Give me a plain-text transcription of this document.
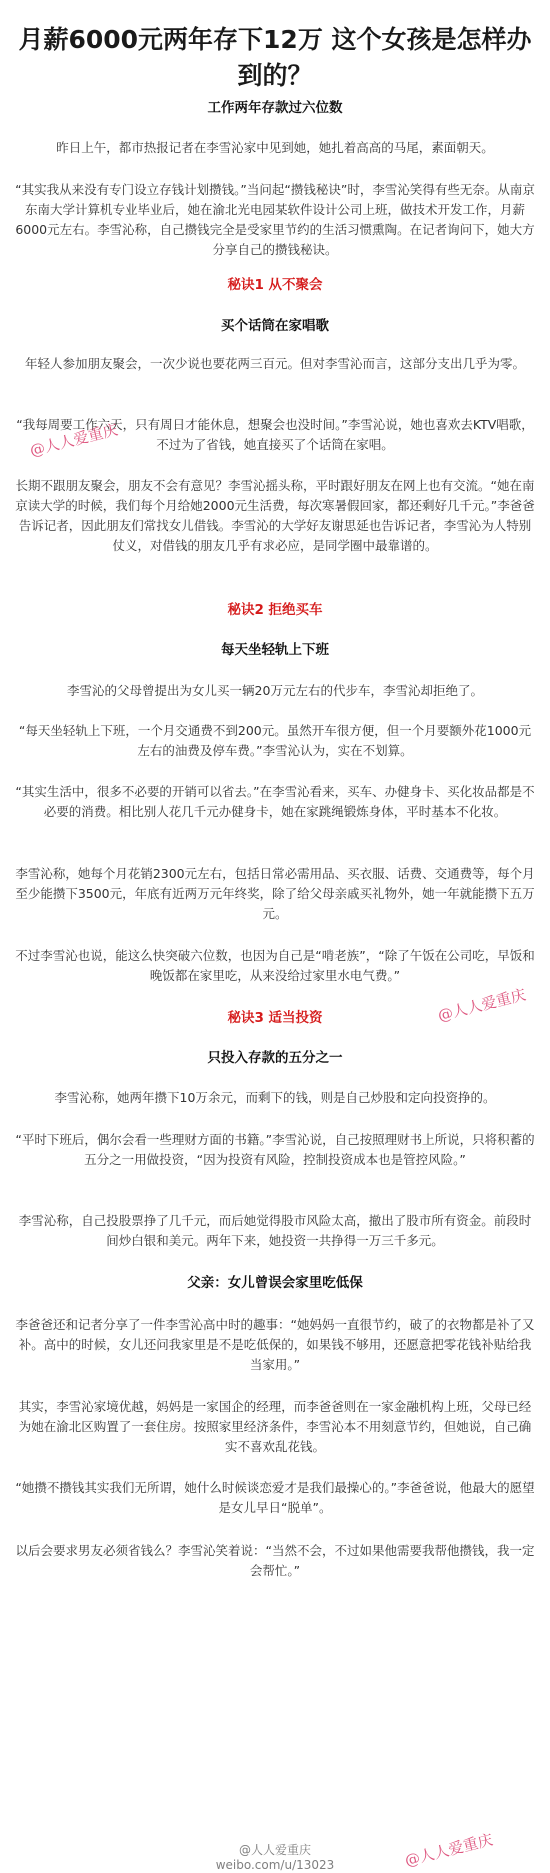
月薪6000元两年存下12万 这个女孩是怎样办到的？

工作两年存款过六位数

昨日上午，都市热报记者在李雪沁家中见到她，她扎着高高的马尾，素面朝天。

“其实我从来没有专门设立存钱计划攒钱。”当问起“攒钱秘诀”时，李雪沁笑得有些无奈。从南京东南大学计算机专业毕业后，她在渝北光电园某软件设计公司上班，做技术开发工作，月薪6000元左右。李雪沁称，自己攒钱完全是受家里节约的生活习惯熏陶。在记者询问下，她大方分享自己的攒钱秘诀。

秘诀1 从不聚会

买个话筒在家唱歌

年轻人参加朋友聚会，一次少说也要花两三百元。但对李雪沁而言，这部分支出几乎为零。

“我每周要工作六天，只有周日才能休息，想聚会也没时间。”李雪沁说，她也喜欢去KTV唱歌，不过为了省钱，她直接买了个话筒在家唱。

长期不跟朋友聚会，朋友不会有意见？李雪沁摇头称，平时跟好朋友在网上也有交流。“她在南京读大学的时候，我们每个月给她2000元生活费，每次寒暑假回家，都还剩好几千元。”李爸爸告诉记者，因此朋友们常找女儿借钱。李雪沁的大学好友谢思延也告诉记者，李雪沁为人特别仗义，对借钱的朋友几乎有求必应，是同学圈中最靠谱的。

秘诀2 拒绝买车

每天坐轻轨上下班

李雪沁的父母曾提出为女儿买一辆20万元左右的代步车，李雪沁却拒绝了。

“每天坐轻轨上下班，一个月交通费不到200元。虽然开车很方便，但一个月要额外花1000元左右的油费及停车费。”李雪沁认为，实在不划算。

“其实生活中，很多不必要的开销可以省去。”在李雪沁看来，买车、办健身卡、买化妆品都是不必要的消费。相比别人花几千元办健身卡，她在家跳绳锻炼身体，平时基本不化妆。

李雪沁称，她每个月花销2300元左右，包括日常必需用品、买衣服、话费、交通费等，每个月至少能攒下3500元，年底有近两万元年终奖，除了给父母亲戚买礼物外，她一年就能攒下五万元。

不过李雪沁也说，能这么快突破六位数，也因为自己是“啃老族”，“除了午饭在公司吃，早饭和晚饭都在家里吃，从来没给过家里水电气费。”

秘诀3 适当投资

只投入存款的五分之一

李雪沁称，她两年攒下10万余元，而剩下的钱，则是自己炒股和定向投资挣的。

“平时下班后，偶尔会看一些理财方面的书籍。”李雪沁说，自己按照理财书上所说，只将积蓄的五分之一用做投资，“因为投资有风险，控制投资成本也是管控风险。”

李雪沁称，自己投股票挣了几千元，而后她觉得股市风险太高，撤出了股市所有资金。前段时间炒白银和美元。两年下来，她投资一共挣得一万三千多元。

父亲：女儿曾误会家里吃低保

李爸爸还和记者分享了一件李雪沁高中时的趣事：“她妈妈一直很节约，破了的衣物都是补了又补。高中的时候，女儿还问我家里是不是吃低保的，如果钱不够用，还愿意把零花钱补贴给我当家用。”

其实，李雪沁家境优越，妈妈是一家国企的经理，而李爸爸则在一家金融机构上班，父母已经为她在渝北区购置了一套住房。按照家里经济条件，李雪沁本不用刻意节约，但她说，自己确实不喜欢乱花钱。

“她攒不攒钱其实我们无所谓，她什么时候谈恋爱才是我们最操心的。”李爸爸说，他最大的愿望是女儿早日“脱单”。

以后会要求男友必须省钱么？李雪沁笑着说：“当然不会，不过如果他需要我帮他攒钱，我一定会帮忙。”

@人人爱重庆
@人人爱重庆
@人人爱重庆
@人人爱重庆
weibo.com/u/13023
